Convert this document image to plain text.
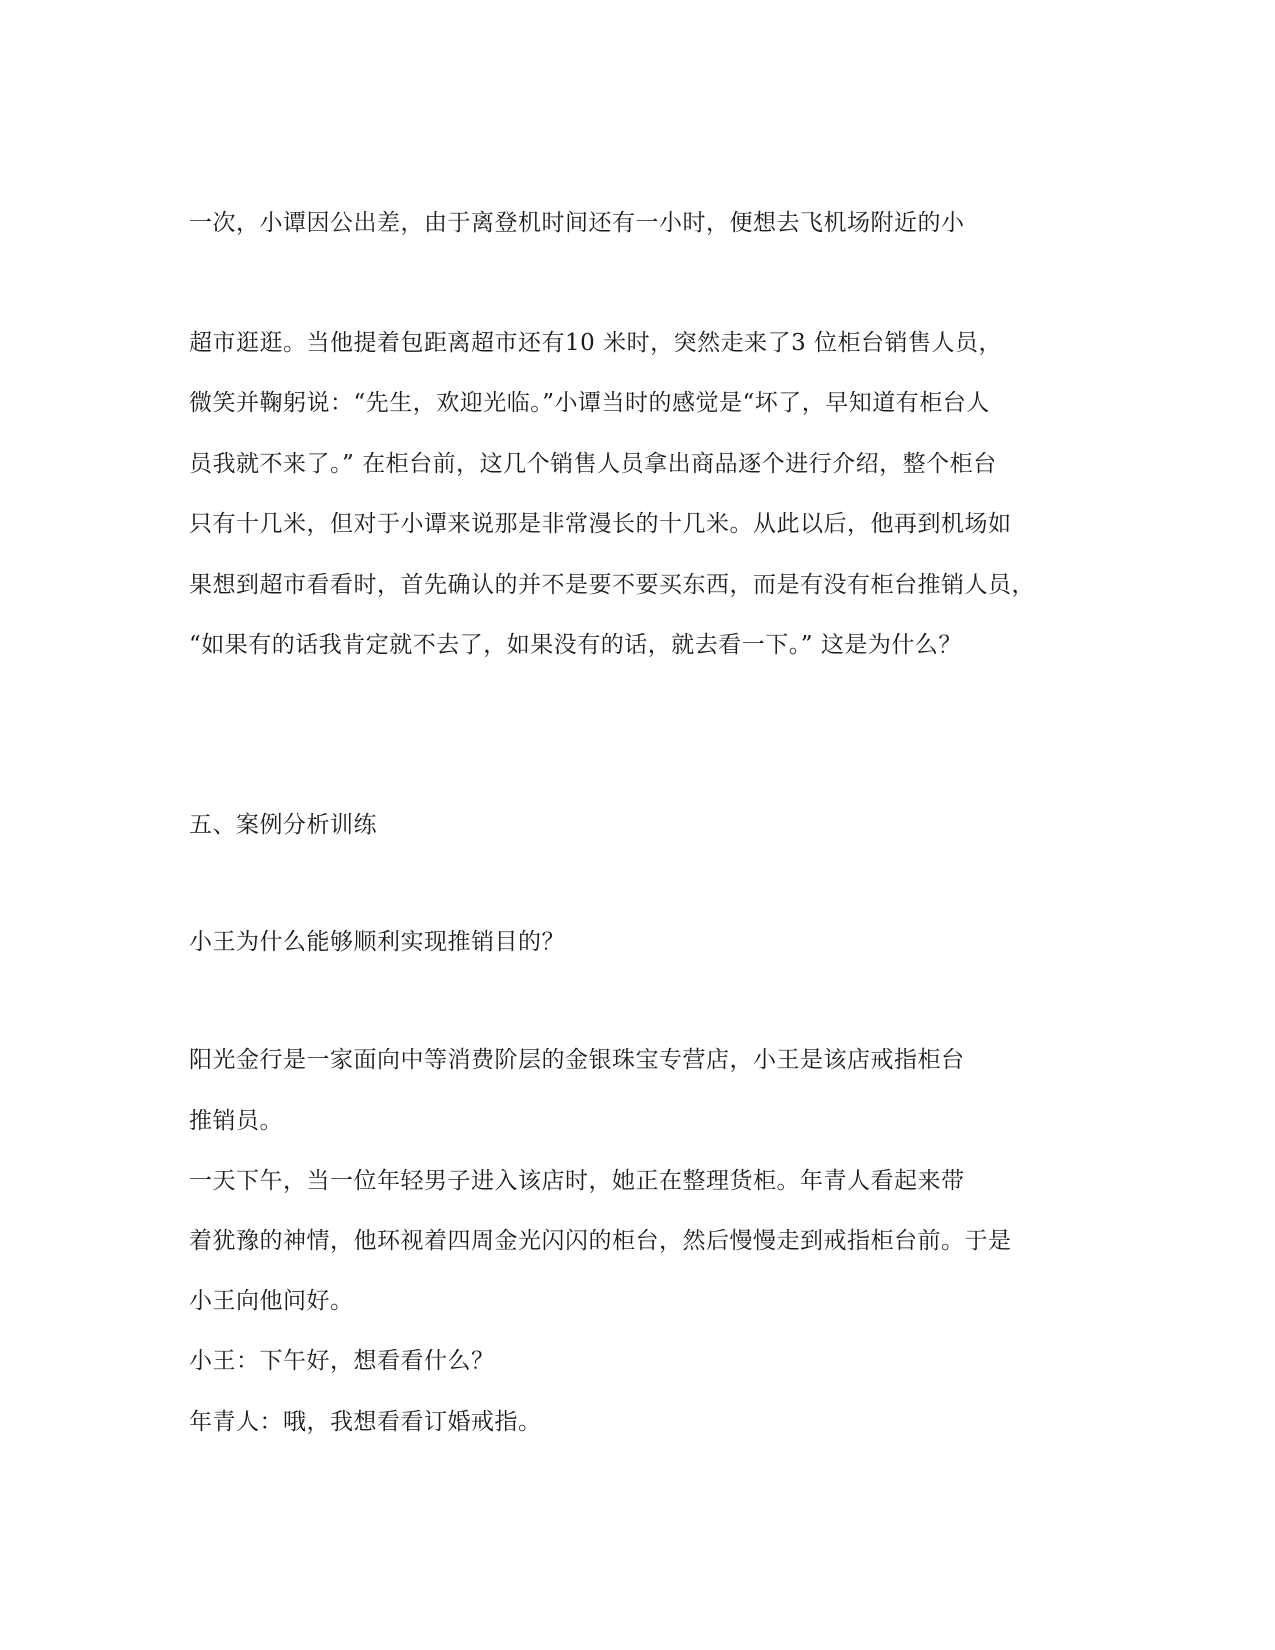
一次，小谭因公出差，由于离登机时间还有一小时，便想去飞机场附近的小
超市逛逛。当他提着包距离超市还有10 米时，突然走来了3 位柜台销售人员，
微笑并鞠躬说：“先生，欢迎光临。”小谭当时的感觉是“坏了，早知道有柜台人
员我就不来了。” 在柜台前，这几个销售人员拿出商品逐个进行介绍，整个柜台
只有十几米，但对于小谭来说那是非常漫长的十几米。从此以后，他再到机场如
果想到超市看看时，首先确认的并不是要不要买东西，而是有没有柜台推销人员，
“如果有的话我肯定就不去了，如果没有的话，就去看一下。” 这是为什么？
五、案例分析训练
小王为什么能够顺利实现推销目的？
阳光金行是一家面向中等消费阶层的金银珠宝专营店，小王是该店戒指柜台
推销员。
一天下午，当一位年轻男子进入该店时，她正在整理货柜。年青人看起来带
着犹豫的神情，他环视着四周金光闪闪的柜台，然后慢慢走到戒指柜台前。于是
小王向他问好。
小王：下午好，想看看什么？
年青人：哦，我想看看订婚戒指。
